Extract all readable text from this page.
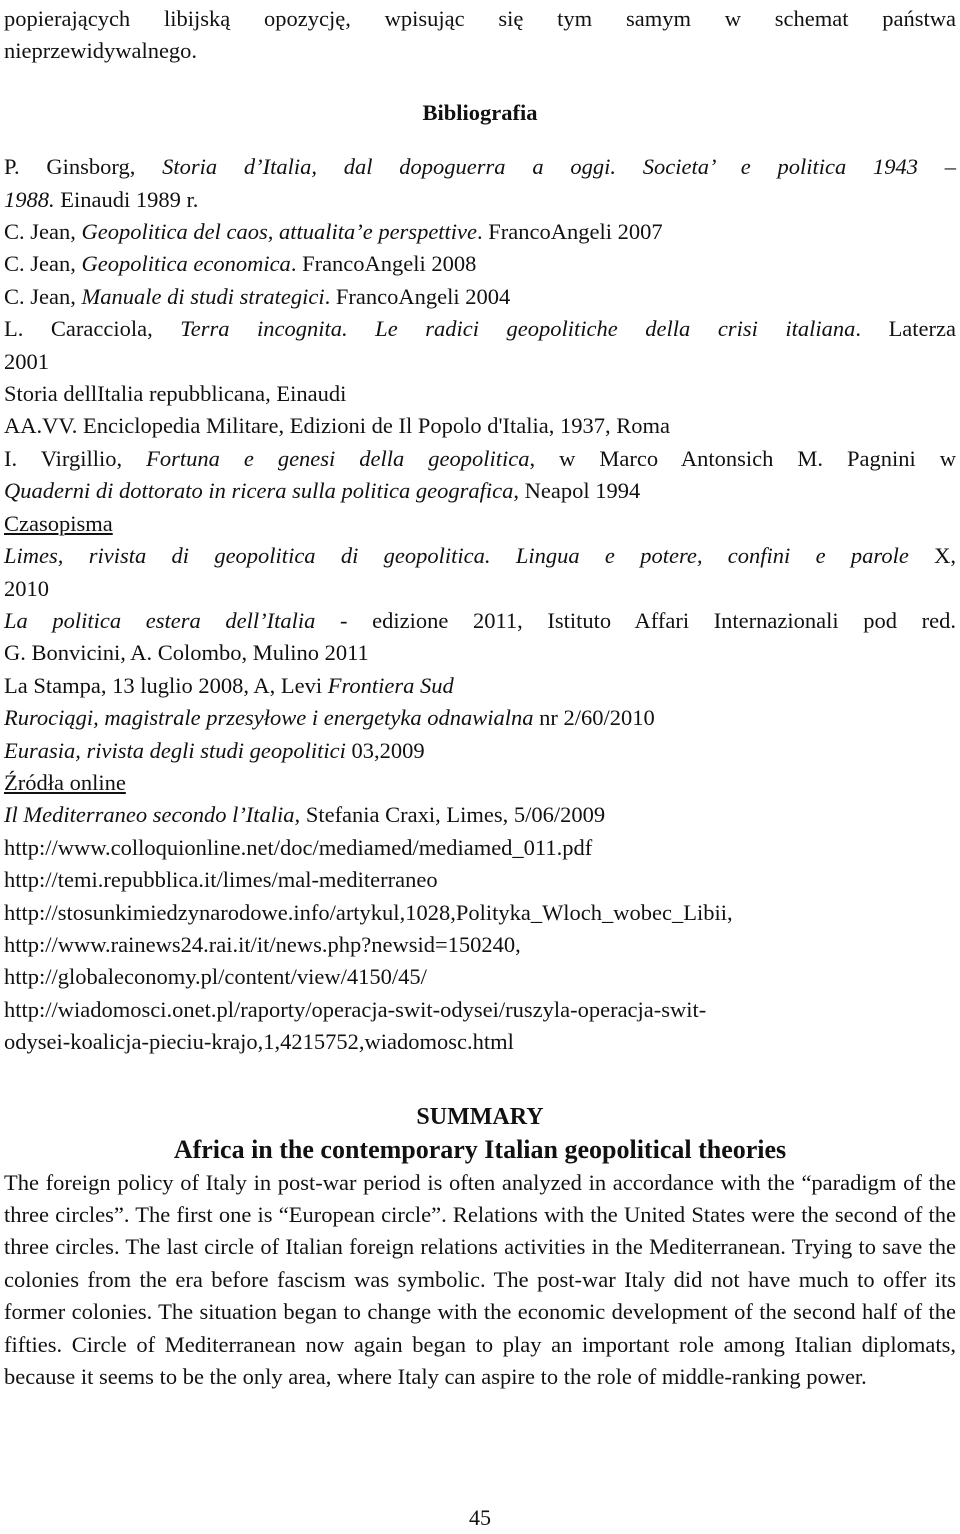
popierających libijską opozycję, wpisując się tym samym w schemat państwa

nieprzewidywalnego.

Bibliografia

P. Ginsborg, Storia d’Italia, dal dopoguerra a oggi. Societa’ e politica 1943 –

1988. Einaudi 1989 r.

C. Jean, Geopolitica del caos, attualita’e perspettive. FrancoAngeli 2007

C. Jean, Geopolitica economica. FrancoAngeli 2008

C. Jean, Manuale di studi strategici. FrancoAngeli 2004

L. Caracciola, Terra incognita. Le radici geopolitiche della crisi italiana. Laterza

2001

Storia dellItalia repubblicana, Einaudi

AA.VV. Enciclopedia Militare, Edizioni de Il Popolo d'Italia, 1937, Roma

I. Virgillio, Fortuna e genesi della geopolitica, w Marco Antonsich M. Pagnini w

Quaderni di dottorato in ricera sulla politica geografica, Neapol 1994

Czasopisma

Limes, rivista di geopolitica di geopolitica. Lingua e potere, confini e parole X,

2010

La politica estera dell’Italia - edizione 2011, Istituto Affari Internazionali pod red.

G. Bonvicini, A. Colombo, Mulino 2011

La Stampa, 13 luglio 2008, A, Levi Frontiera Sud

Rurociągi, magistrale przesyłowe i energetyka odnawialna nr 2/60/2010

Eurasia, rivista degli studi geopolitici 03,2009

Źródła online

Il Mediterraneo secondo l’Italia, Stefania Craxi, Limes, 5/06/2009

http://www.colloquionline.net/doc/mediamed/mediamed_011.pdf

http://temi.repubblica.it/limes/mal-mediterraneo

http://stosunkimiedzynarodowe.info/artykul,1028,Polityka_Wloch_wobec_Libii,

http://www.rainews24.rai.it/it/news.php?newsid=150240,

http://globaleconomy.pl/content/view/4150/45/

http://wiadomosci.onet.pl/raporty/operacja-swit-odysei/ruszyla-operacja-swit-

odysei-koalicja-pieciu-krajo,1,4215752,wiadomosc.html

SUMMARY

Africa in the contemporary Italian geopolitical theories

The foreign policy of Italy in post-war period is often analyzed in accordance with the “paradigm of the three circles”. The first one is “European circle”. Relations with the United States were the second of the three circles. The last circle of Italian foreign relations activities in the Mediterranean. Trying to save the colonies from the era before fascism was symbolic. The post-war Italy did not have much to offer its former colonies. The situation began to change with the economic development of the second half of the fifties. Circle of Mediterranean now again began to play an important role among Italian diplomats, because it seems to be the only area, where Italy can aspire to the role of middle-ranking power.

45
